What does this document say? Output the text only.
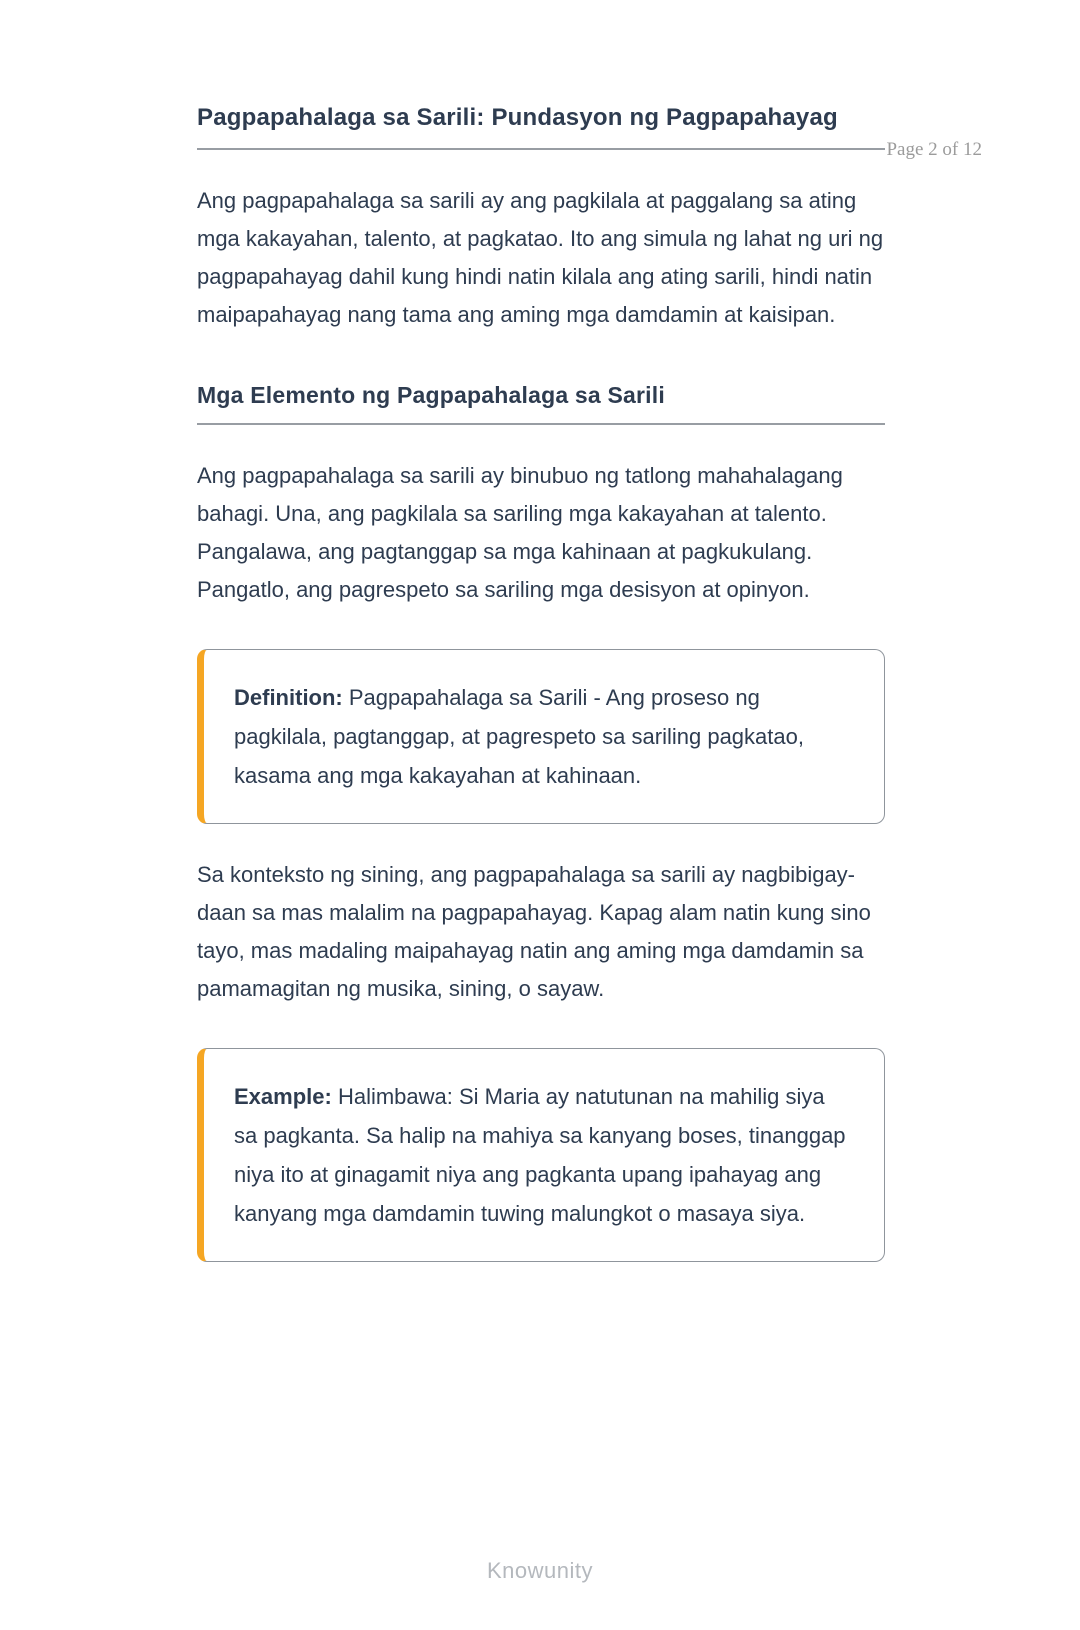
Page 2 of 12
Pagpapahalaga sa Sarili: Pundasyon ng Pagpapahayag

Ang pagpapahalaga sa sarili ay ang pagkilala at paggalang sa ating mga kakayahan, talento, at pagkatao. Ito ang simula ng lahat ng uri ng pagpapahayag dahil kung hindi natin kilala ang ating sarili, hindi natin maipapahayag nang tama ang aming mga damdamin at kaisipan.

Mga Elemento ng Pagpapahalaga sa Sarili

Ang pagpapahalaga sa sarili ay binubuo ng tatlong mahahalagang bahagi. Una, ang pagkilala sa sariling mga kakayahan at talento. Pangalawa, ang pagtanggap sa mga kahinaan at pagkukulang. Pangatlo, ang pagrespeto sa sariling mga desisyon at opinyon.

Definition: Pagpapahalaga sa Sarili - Ang proseso ng pagkilala, pagtanggap, at pagrespeto sa sariling pagkatao, kasama ang mga kakayahan at kahinaan.

Sa konteksto ng sining, ang pagpapahalaga sa sarili ay nagbibigay-daan sa mas malalim na pagpapahayag. Kapag alam natin kung sino tayo, mas madaling maipahayag natin ang aming mga damdamin sa pamamagitan ng musika, sining, o sayaw.

Example: Halimbawa: Si Maria ay natutunan na mahilig siya sa pagkanta. Sa halip na mahiya sa kanyang boses, tinanggap niya ito at ginagamit niya ang pagkanta upang ipahayag ang kanyang mga damdamin tuwing malungkot o masaya siya.
Knowunity
